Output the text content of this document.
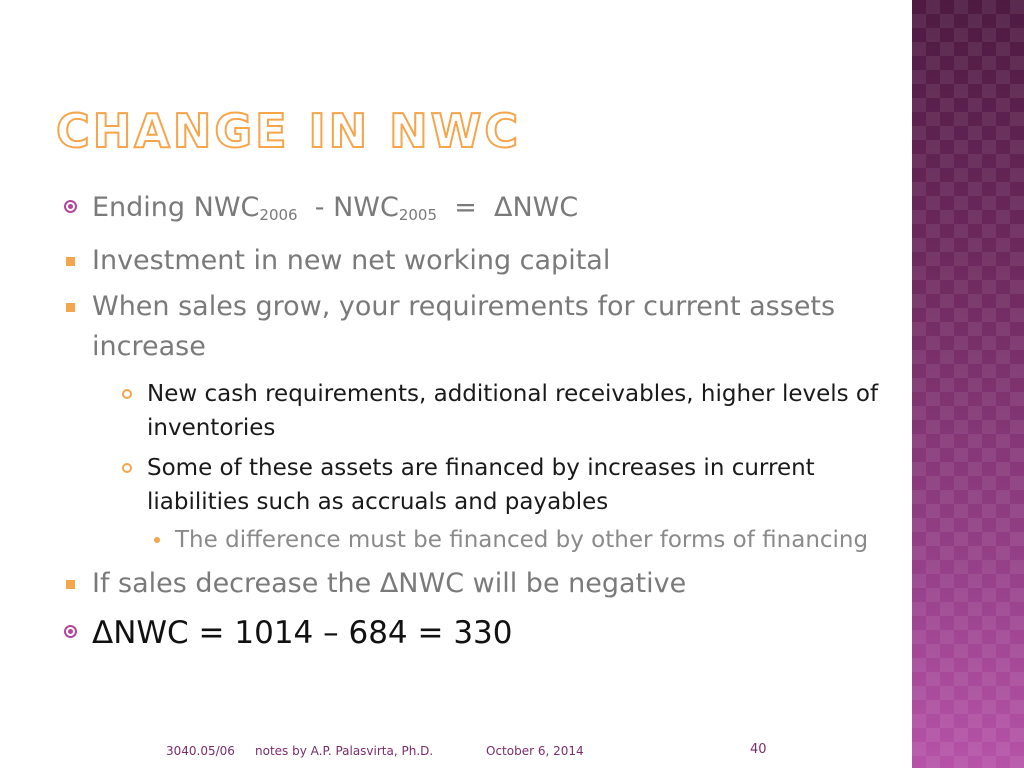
CHANGE IN NWC
Ending $NWC_{2006} - NWC_{2005} = \Delta NWC$
Investment in new net working capital
When sales grow, your requirements for current assets increase
New cash requirements, additional receivables, higher levels of inventories
Some of these assets are financed by increases in current liabilities such as accruals and payables
The difference must be financed by other forms of financing
If sales decrease the ΔNWC will be negative
ΔNWC = 1014 – 684 = 330
3040.05/06 notes by A.P. Palasvirta, Ph.D.	October 6, 2014	40
